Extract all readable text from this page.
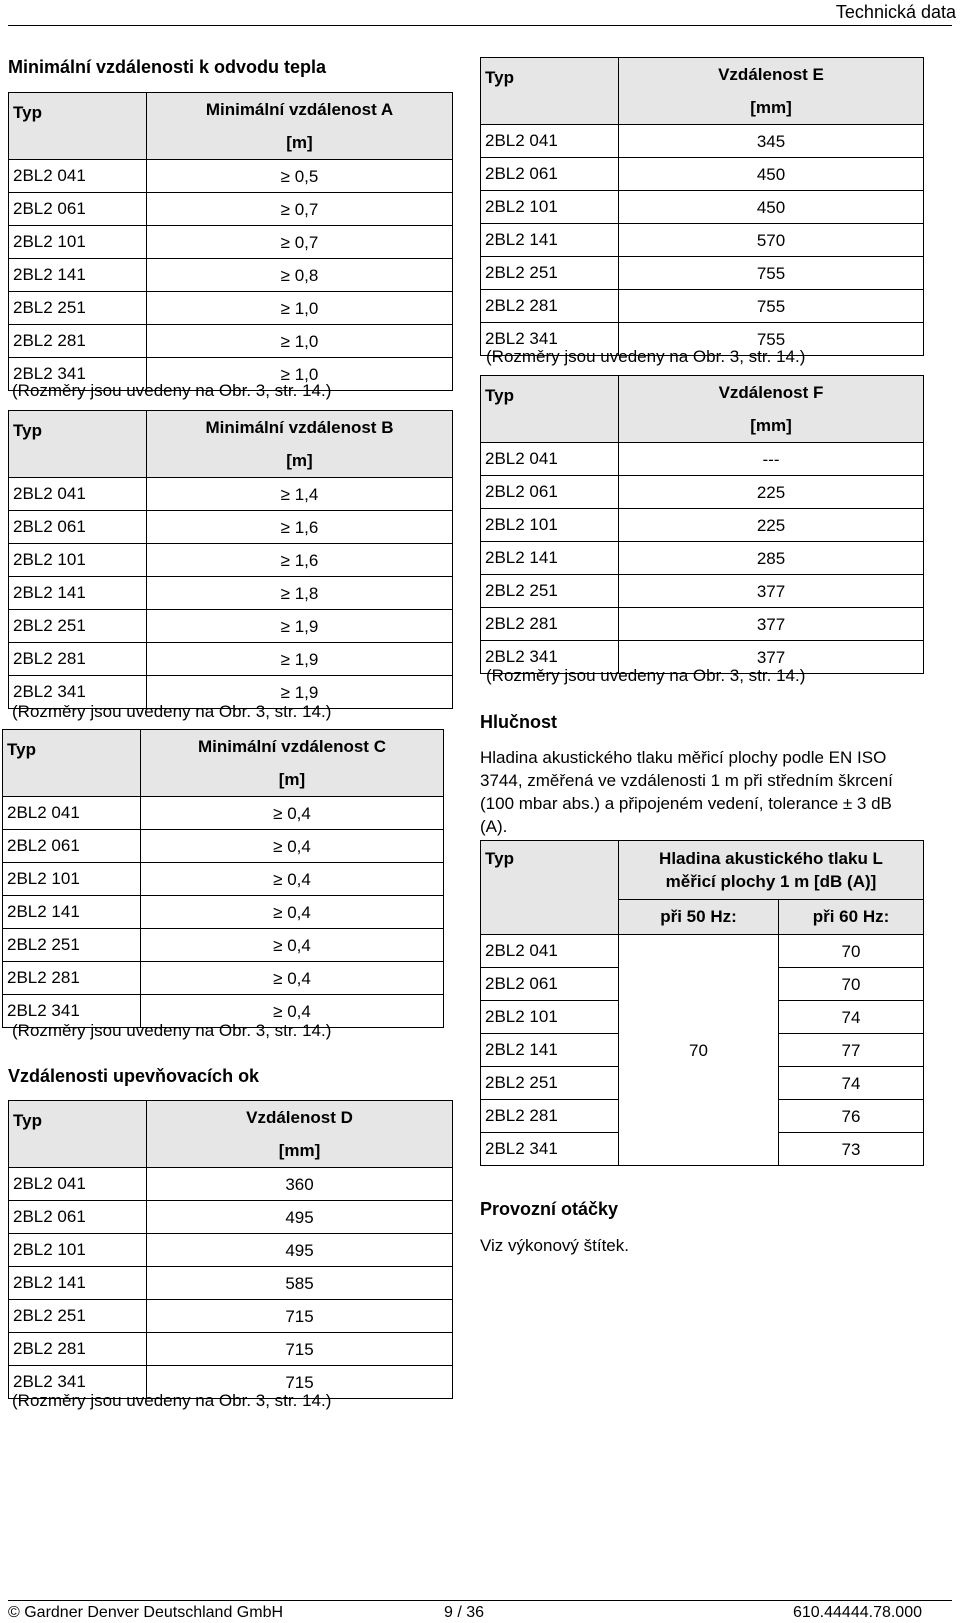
Technická data
Minimální vzdálenosti k odvodu tepla
Typ	Minimální vzdálenost A
	[m]
2BL2 041	≥ 0,5
2BL2 061	≥ 0,7
2BL2 101	≥ 0,7
2BL2 141	≥ 0,8
2BL2 251	≥ 1,0
2BL2 281	≥ 1,0
2BL2 341	≥ 1,0
(Rozměry jsou uvedeny na Obr. 3, str. 14.)
Typ	Minimální vzdálenost B
	[m]
2BL2 041	≥ 1,4
2BL2 061	≥ 1,6
2BL2 101	≥ 1,6
2BL2 141	≥ 1,8
2BL2 251	≥ 1,9
2BL2 281	≥ 1,9
2BL2 341	≥ 1,9
(Rozměry jsou uvedeny na Obr. 3, str. 14.)
Typ	Minimální vzdálenost C
	[m]
2BL2 041	≥ 0,4
2BL2 061	≥ 0,4
2BL2 101	≥ 0,4
2BL2 141	≥ 0,4
2BL2 251	≥ 0,4
2BL2 281	≥ 0,4
2BL2 341	≥ 0,4
(Rozměry jsou uvedeny na Obr. 3, str. 14.)
Vzdálenosti upevňovacích ok
Typ	Vzdálenost D
	[mm]
2BL2 041	360
2BL2 061	495
2BL2 101	495
2BL2 141	585
2BL2 251	715
2BL2 281	715
2BL2 341	715
(Rozměry jsou uvedeny na Obr. 3, str. 14.)
Typ	Vzdálenost E
	[mm]
2BL2 041	345
2BL2 061	450
2BL2 101	450
2BL2 141	570
2BL2 251	755
2BL2 281	755
2BL2 341	755
(Rozměry jsou uvedeny na Obr. 3, str. 14.)
Typ	Vzdálenost F
	[mm]
2BL2 041	---
2BL2 061	225
2BL2 101	225
2BL2 141	285
2BL2 251	377
2BL2 281	377
2BL2 341	377
(Rozměry jsou uvedeny na Obr. 3, str. 14.)
Hlučnost
Hladina akustického tlaku měřicí plochy podle EN ISO 3744, změřená ve vzdálenosti 1 m při středním škrcení (100 mbar abs.) a připojeném vedení, tolerance ± 3 dB (A).
Typ	Hladina akustického tlaku L
měřicí plochy 1 m [dB (A)]	

	při 50 Hz:	při 60 Hz:
2BL2 041	70	70
2BL2 061		70
2BL2 101		74
2BL2 141		77
2BL2 251		74
2BL2 281		76
2BL2 341		73
Provozní otáčky
Viz výkonový štítek.
© Gardner Denver Deutschland GmbH	9 / 36	610.44444.78.000
